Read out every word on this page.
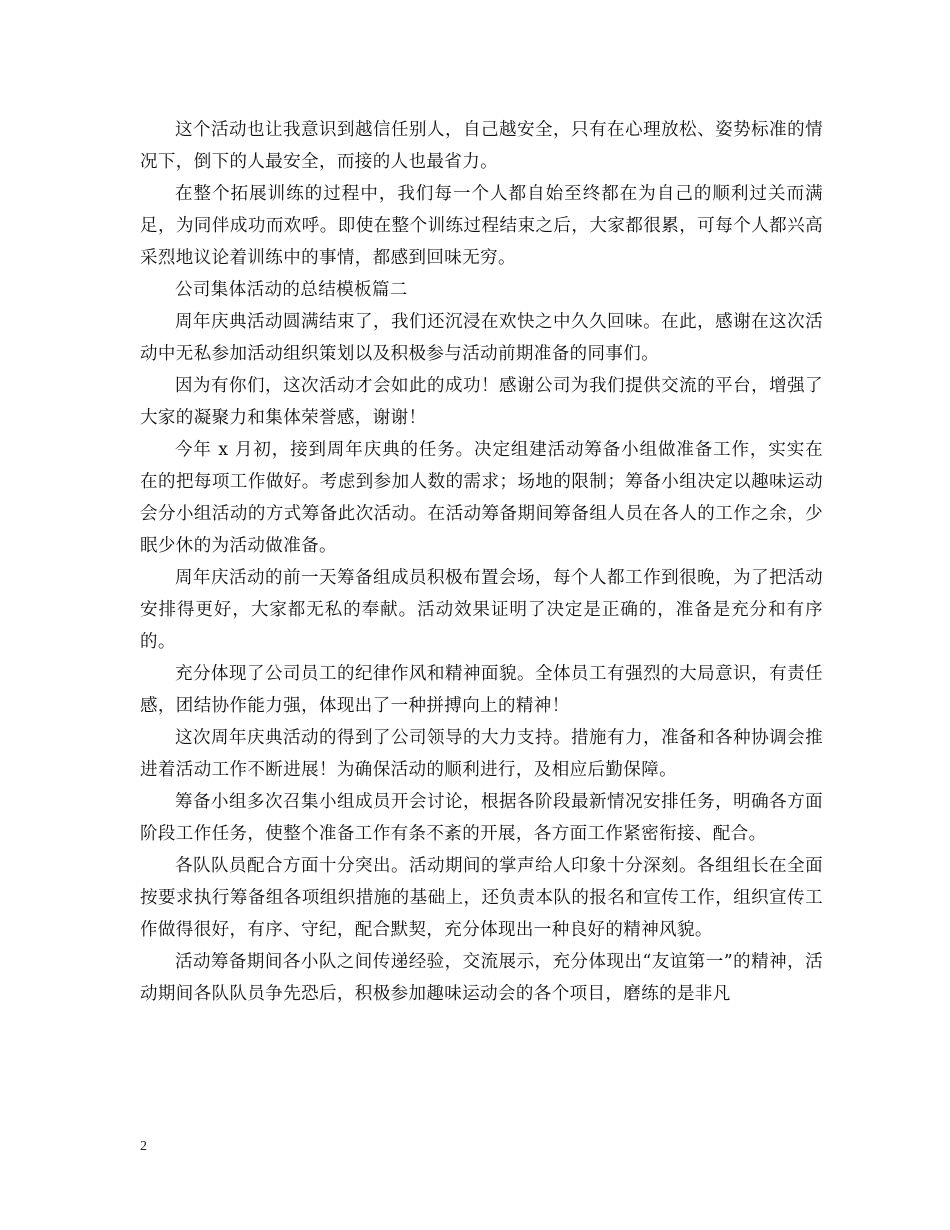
这个活动也让我意识到越信任别人，自己越安全，只有在心理放松、姿势标准的情况下，倒下的人最安全，而接的人也最省力。

在整个拓展训练的过程中，我们每一个人都自始至终都在为自己的顺利过关而满足，为同伴成功而欢呼。即使在整个训练过程结束之后，大家都很累，可每个人都兴高采烈地议论着训练中的事情，都感到回味无穷。

公司集体活动的总结模板篇二

周年庆典活动圆满结束了，我们还沉浸在欢快之中久久回味。在此，感谢在这次活动中无私参加活动组织策划以及积极参与活动前期准备的同事们。

因为有你们，这次活动才会如此的成功！感谢公司为我们提供交流的平台，增强了大家的凝聚力和集体荣誉感，谢谢！

今年 x 月初，接到周年庆典的任务。决定组建活动筹备小组做准备工作，实实在在的把每项工作做好。考虑到参加人数的需求；场地的限制；筹备小组决定以趣味运动会分小组活动的方式筹备此次活动。在活动筹备期间筹备组人员在各人的工作之余，少眠少休的为活动做准备。

周年庆活动的前一天筹备组成员积极布置会场，每个人都工作到很晚，为了把活动安排得更好，大家都无私的奉献。活动效果证明了决定是正确的，准备是充分和有序的。

充分体现了公司员工的纪律作风和精神面貌。全体员工有强烈的大局意识，有责任感，团结协作能力强，体现出了一种拼搏向上的精神！

这次周年庆典活动的得到了公司领导的大力支持。措施有力，准备和各种协调会推进着活动工作不断进展！为确保活动的顺利进行，及相应后勤保障。

筹备小组多次召集小组成员开会讨论，根据各阶段最新情况安排任务，明确各方面阶段工作任务，使整个准备工作有条不紊的开展，各方面工作紧密衔接、配合。

各队队员配合方面十分突出。活动期间的掌声给人印象十分深刻。各组组长在全面按要求执行筹备组各项组织措施的基础上，还负责本队的报名和宣传工作，组织宣传工作做得很好，有序、守纪，配合默契，充分体现出一种良好的精神风貌。

活动筹备期间各小队之间传递经验，交流展示，充分体现出“友谊第一”的精神，活动期间各队队员争先恐后，积极参加趣味运动会的各个项目，磨练的是非凡

2
